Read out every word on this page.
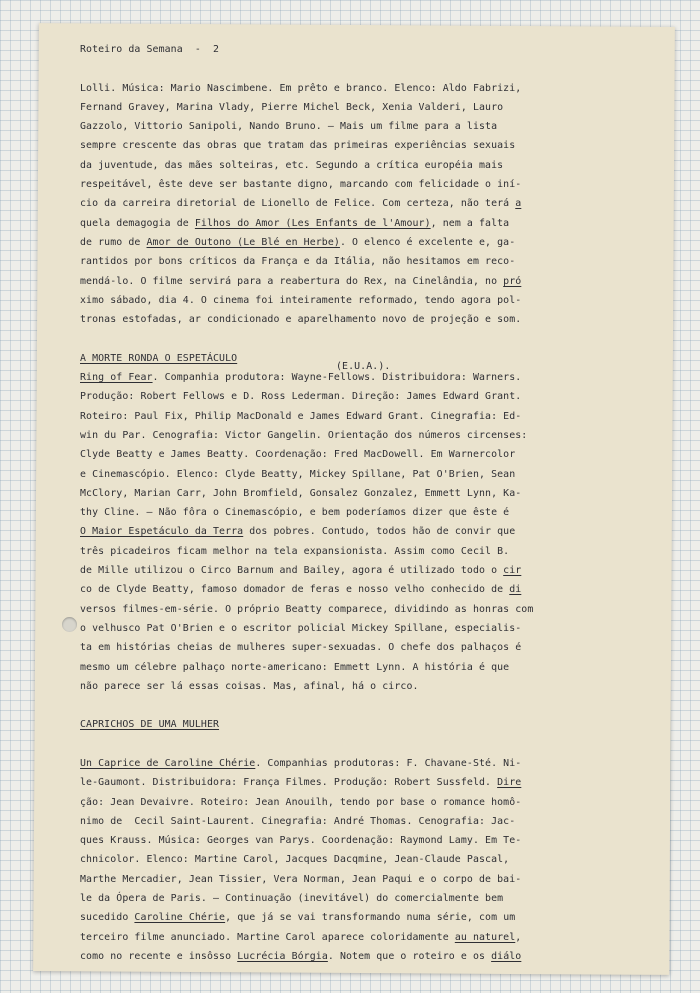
Roteiro da Semana  -  2
Lolli. Música: Mario Nascimbene. Em prêto e branco. Elenco: Aldo Fabrizi,
Fernand Gravey, Marina Vlady, Pierre Michel Beck, Xenia Valderi, Lauro
Gazzolo, Vittorio Sanipoli, Nando Bruno. — Mais um filme para a lista
sempre crescente das obras que tratam das primeiras experiências sexuais
da juventude, das mães solteiras, etc. Segundo a crítica européia mais
respeitável, êste deve ser bastante digno, marcando com felicidade o iní-
cio da carreira diretorial de Lionello de Felice. Com certeza, não terá a
quela demagogia de Filhos do Amor (Les Enfants de l'Amour), nem a falta
de rumo de Amor de Outono (Le Blé en Herbe). O elenco é excelente e, ga-
rantidos por bons críticos da França e da Itália, não hesitamos em reco-
mendá-lo. O filme servirá para a reabertura do Rex, na Cinelândia, no pró
ximo sábado, dia 4. O cinema foi inteiramente reformado, tendo agora pol-
tronas estofadas, ar condicionado e aparelhamento novo de projeção e som.
A MORTE RONDA O ESPETÁCULO
(E.U.A.).
Ring of Fear. Companhia produtora: Wayne-Fellows. Distribuidora: Warners.
Produção: Robert Fellows e D. Ross Lederman. Direção: James Edward Grant.
Roteiro: Paul Fix, Philip MacDonald e James Edward Grant. Cinegrafia: Ed-
win du Par. Cenografia: Victor Gangelin. Orientação dos números circenses:
Clyde Beatty e James Beatty. Coordenação: Fred MacDowell. Em Warnercolor
e Cinemascópio. Elenco: Clyde Beatty, Mickey Spillane, Pat O'Brien, Sean
McClory, Marian Carr, John Bromfield, Gonsalez Gonzalez, Emmett Lynn, Ka-
thy Cline. — Não fôra o Cinemascópio, e bem poderíamos dizer que êste é
O Maior Espetáculo da Terra dos pobres. Contudo, todos hão de convir que
três picadeiros ficam melhor na tela expansionista. Assim como Cecil B.
de Mille utilizou o Circo Barnum and Bailey, agora é utilizado todo o cir
co de Clyde Beatty, famoso domador de feras e nosso velho conhecido de di
versos filmes-em-série. O próprio Beatty comparece, dividindo as honras com
o velhusco Pat O'Brien e o escritor policial Mickey Spillane, especialis-
ta em histórias cheias de mulheres super-sexuadas. O chefe dos palhaços é
mesmo um célebre palhaço norte-americano: Emmett Lynn. A história é que
não parece ser lá essas coisas. Mas, afinal, há o circo.
CAPRICHOS DE UMA MULHER
Un Caprice de Caroline Chérie. Companhias produtoras: F. Chavane-Sté. Ni-
le-Gaumont. Distribuidora: França Filmes. Produção: Robert Sussfeld. Dire
ção: Jean Devaivre. Roteiro: Jean Anouilh, tendo por base o romance homô-
nimo de  Cecil Saint-Laurent. Cinegrafia: André Thomas. Cenografia: Jac-
ques Krauss. Música: Georges van Parys. Coordenação: Raymond Lamy. Em Te-
chnicolor. Elenco: Martine Carol, Jacques Dacqmine, Jean-Claude Pascal,
Marthe Mercadier, Jean Tissier, Vera Norman, Jean Paqui e o corpo de bai-
le da Ópera de Paris. — Continuação (inevitável) do comercialmente bem
sucedido Caroline Chérie, que já se vai transformando numa série, com um
terceiro filme anunciado. Martine Carol aparece coloridamente au naturel,
como no recente e insôsso Lucrécia Bórgia. Notem que o roteiro e os diálo
